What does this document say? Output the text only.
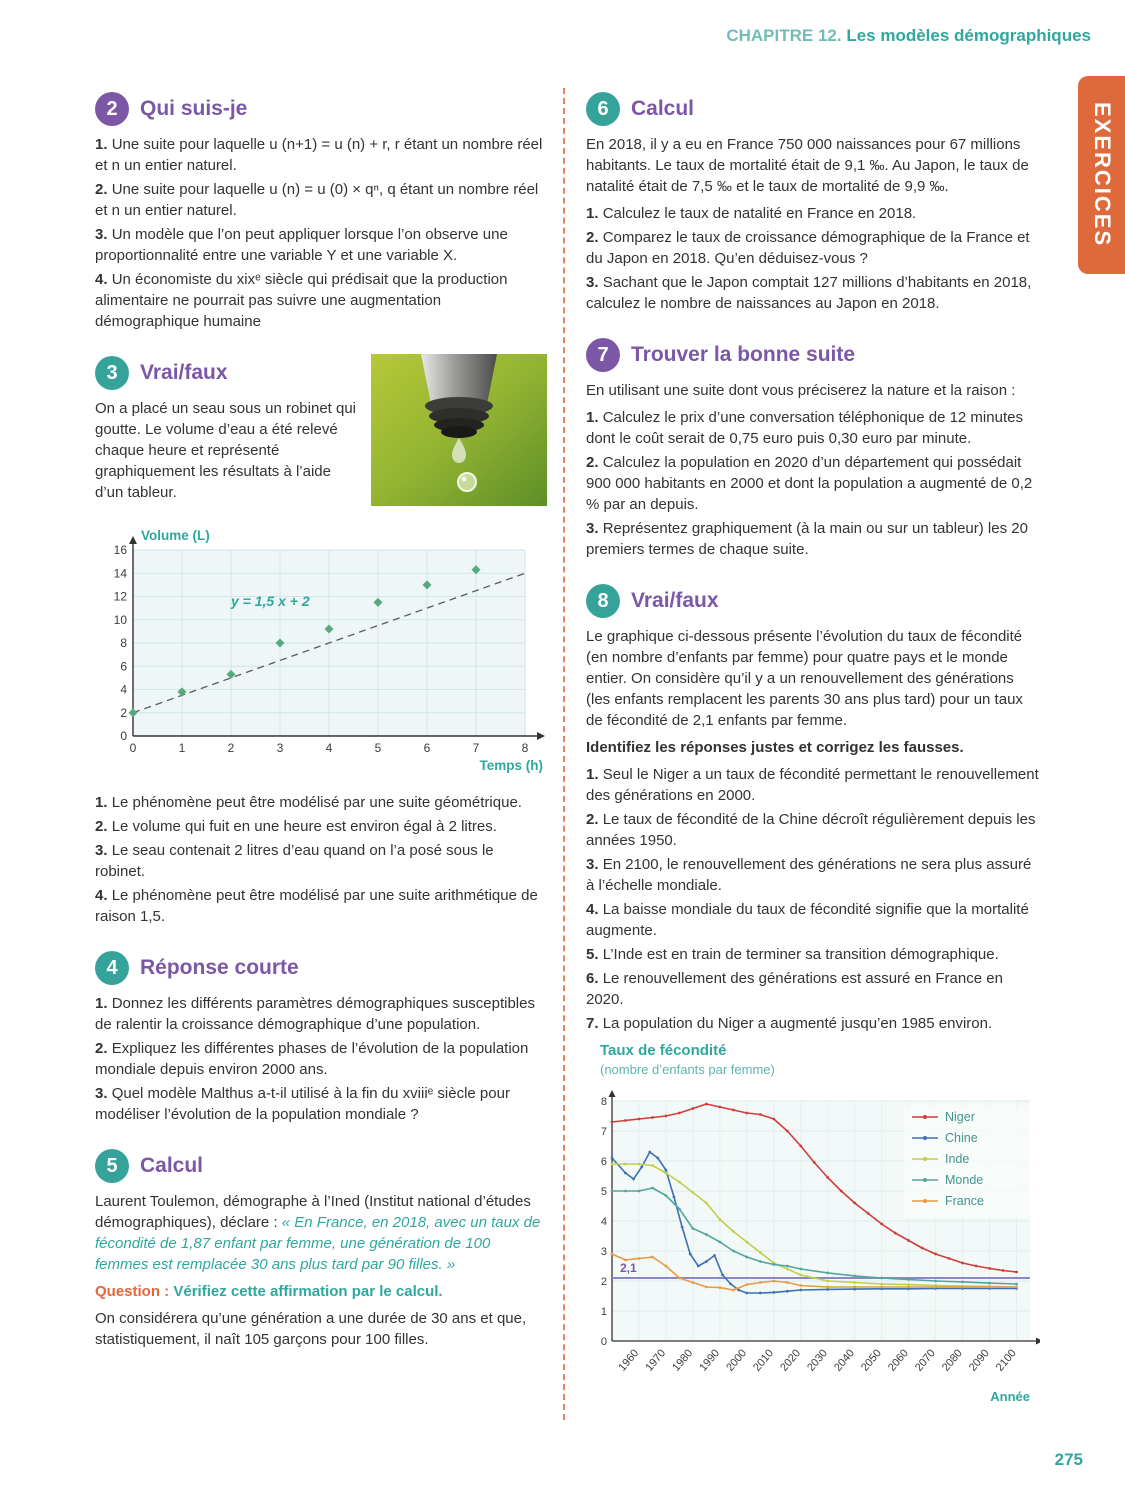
CHAPITRE 12. Les modèles démographiques
EXERCICES
2	Qui suis-je

1. Une suite pour laquelle u (n+1) = u (n) + r, r étant un nombre réel et n un entier naturel.

2. Une suite pour laquelle u (n) = u (0) × qⁿ, q étant un nombre réel et n un entier naturel.

3. Un modèle que l’on peut appliquer lorsque l’on observe une proportionnalité entre une variable Y et une variable X.

4. Un économiste du xixᵉ siècle qui prédisait que la production alimentaire ne pourrait pas suivre une augmentation démographique humaine

3	Vrai/faux

On a placé un seau sous un robinet qui goutte. Le volume d’eau a été relevé chaque heure et représenté graphiquement les résultats à l’aide d’un tableur.

0
2
4
6
8
10
12
14
16
0	1	2	3	4	5	6	7	8
y = 1,5 x + 2
Volume (L)
Temps (h)

1. Le phénomène peut être modélisé par une suite géométrique.

2. Le volume qui fuit en une heure est environ égal à 2 litres.

3. Le seau contenait 2 litres d’eau quand on l’a posé sous le robinet.

4. Le phénomène peut être modélisé par une suite arithmétique de raison 1,5.

4	Réponse courte

1. Donnez les différents paramètres démographiques susceptibles de ralentir la croissance démographique d’une population.

2. Expliquez les différentes phases de l’évolution de la population mondiale depuis environ 2000 ans.

3. Quel modèle Malthus a-t-il utilisé à la fin du xviiiᵉ siècle pour modéliser l’évolution de la population mondiale ?

5	Calcul

Laurent Toulemon, démographe à l’Ined (Institut national d’études démographiques), déclare : « En France, en 2018, avec un taux de fécondité de 1,87 enfant par femme, une génération de 100 femmes est remplacée 30 ans plus tard par 90 filles. »

Question : Vérifiez cette affirmation par le calcul.

On considérera qu’une génération a une durée de 30 ans et que, statistiquement, il naît 105 garçons pour 100 filles.

6	Calcul

En 2018, il y a eu en France 750 000 naissances pour 67 millions habitants. Le taux de mortalité était de 9,1 ‰. Au Japon, le taux de natalité était de 7,5 ‰ et le taux de mortalité de 9,9 ‰.

1. Calculez le taux de natalité en France en 2018.

2. Comparez le taux de croissance démographique de la France et du Japon en 2018. Qu’en déduisez-vous ?

3. Sachant que le Japon comptait 127 millions d’habitants en 2018, calculez le nombre de naissances au Japon en 2018.

7	Trouver la bonne suite

En utilisant une suite dont vous préciserez la nature et la raison :

1. Calculez le prix d’une conversation téléphonique de 12 minutes dont le coût serait de 0,75 euro puis 0,30 euro par minute.

2. Calculez la population en 2020 d’un département qui possédait 900 000 habitants en 2000 et dont la population a augmenté de 0,2 % par an depuis.

3. Représentez graphiquement (à la main ou sur un tableur) les 20 premiers termes de chaque suite.

8	Vrai/faux

Le graphique ci-dessous présente l’évolution du taux de fécondité (en nombre d’enfants par femme) pour quatre pays et le monde entier. On considère qu’il y a un renouvellement des générations (les enfants remplacent les parents 30 ans plus tard) pour un taux de fécondité de 2,1 enfants par femme.

Identifiez les réponses justes et corrigez les fausses.

1. Seul le Niger a un taux de fécondité permettant le renouvellement des générations en 2000.

2. Le taux de fécondité de la Chine décroît régulièrement depuis les années 1950.

3. En 2100, le renouvellement des générations ne sera plus assuré à l’échelle mondiale.

4. La baisse mondiale du taux de fécondité signifie que la mortalité augmente.

5. L’Inde est en train de terminer sa transition démographique.

6. Le renouvellement des générations est assuré en France en 2020.

7. La population du Niger a augmenté jusqu’en 1985 environ.

Taux de fécondité
(nombre d’enfants par femme)
0
1
2
3
4
5
6
7
8
1960 1970 1980 1990 2000 2010 2020 2030 2040 2050 2060 2070 2080 2090 2100
2,1
Niger
Chine
Inde
Monde
France
Année
275
